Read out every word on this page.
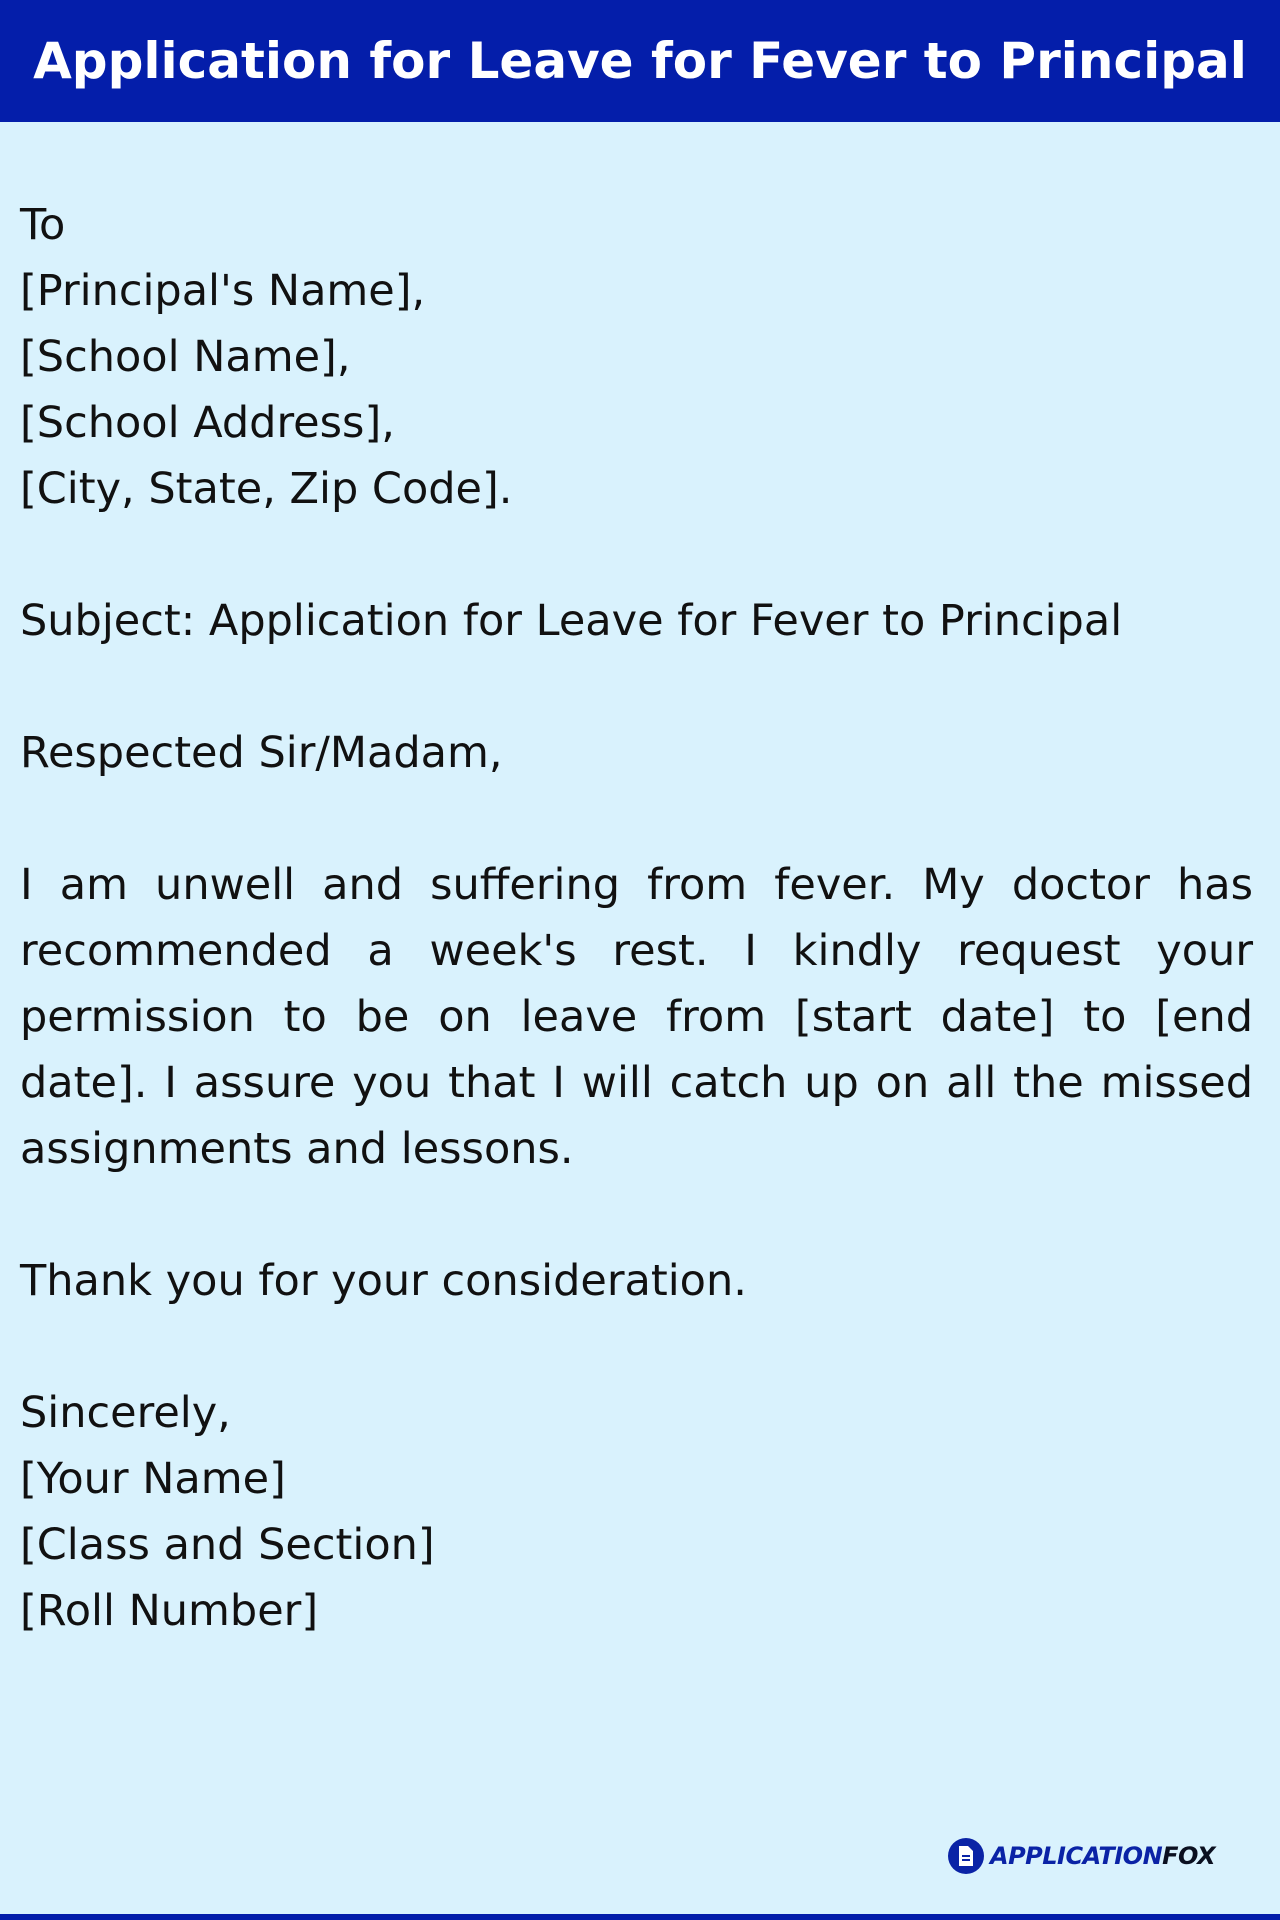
Application for Leave for Fever to Principal
To
[Principal's Name],
[School Name],
[School Address],
[City, State, Zip Code].

Subject: Application for Leave for Fever to Principal

Respected Sir/Madam,

I am unwell and suffering from fever. My doctor has recommended a week's rest. I kindly request your permission to be on leave from [start date] to [end date]. I assure you that I will catch up on all the missed assignments and lessons.

Thank you for your consideration.

Sincerely,
[Your Name]
[Class and Section]
[Roll Number]
APPLICATIONFOX
